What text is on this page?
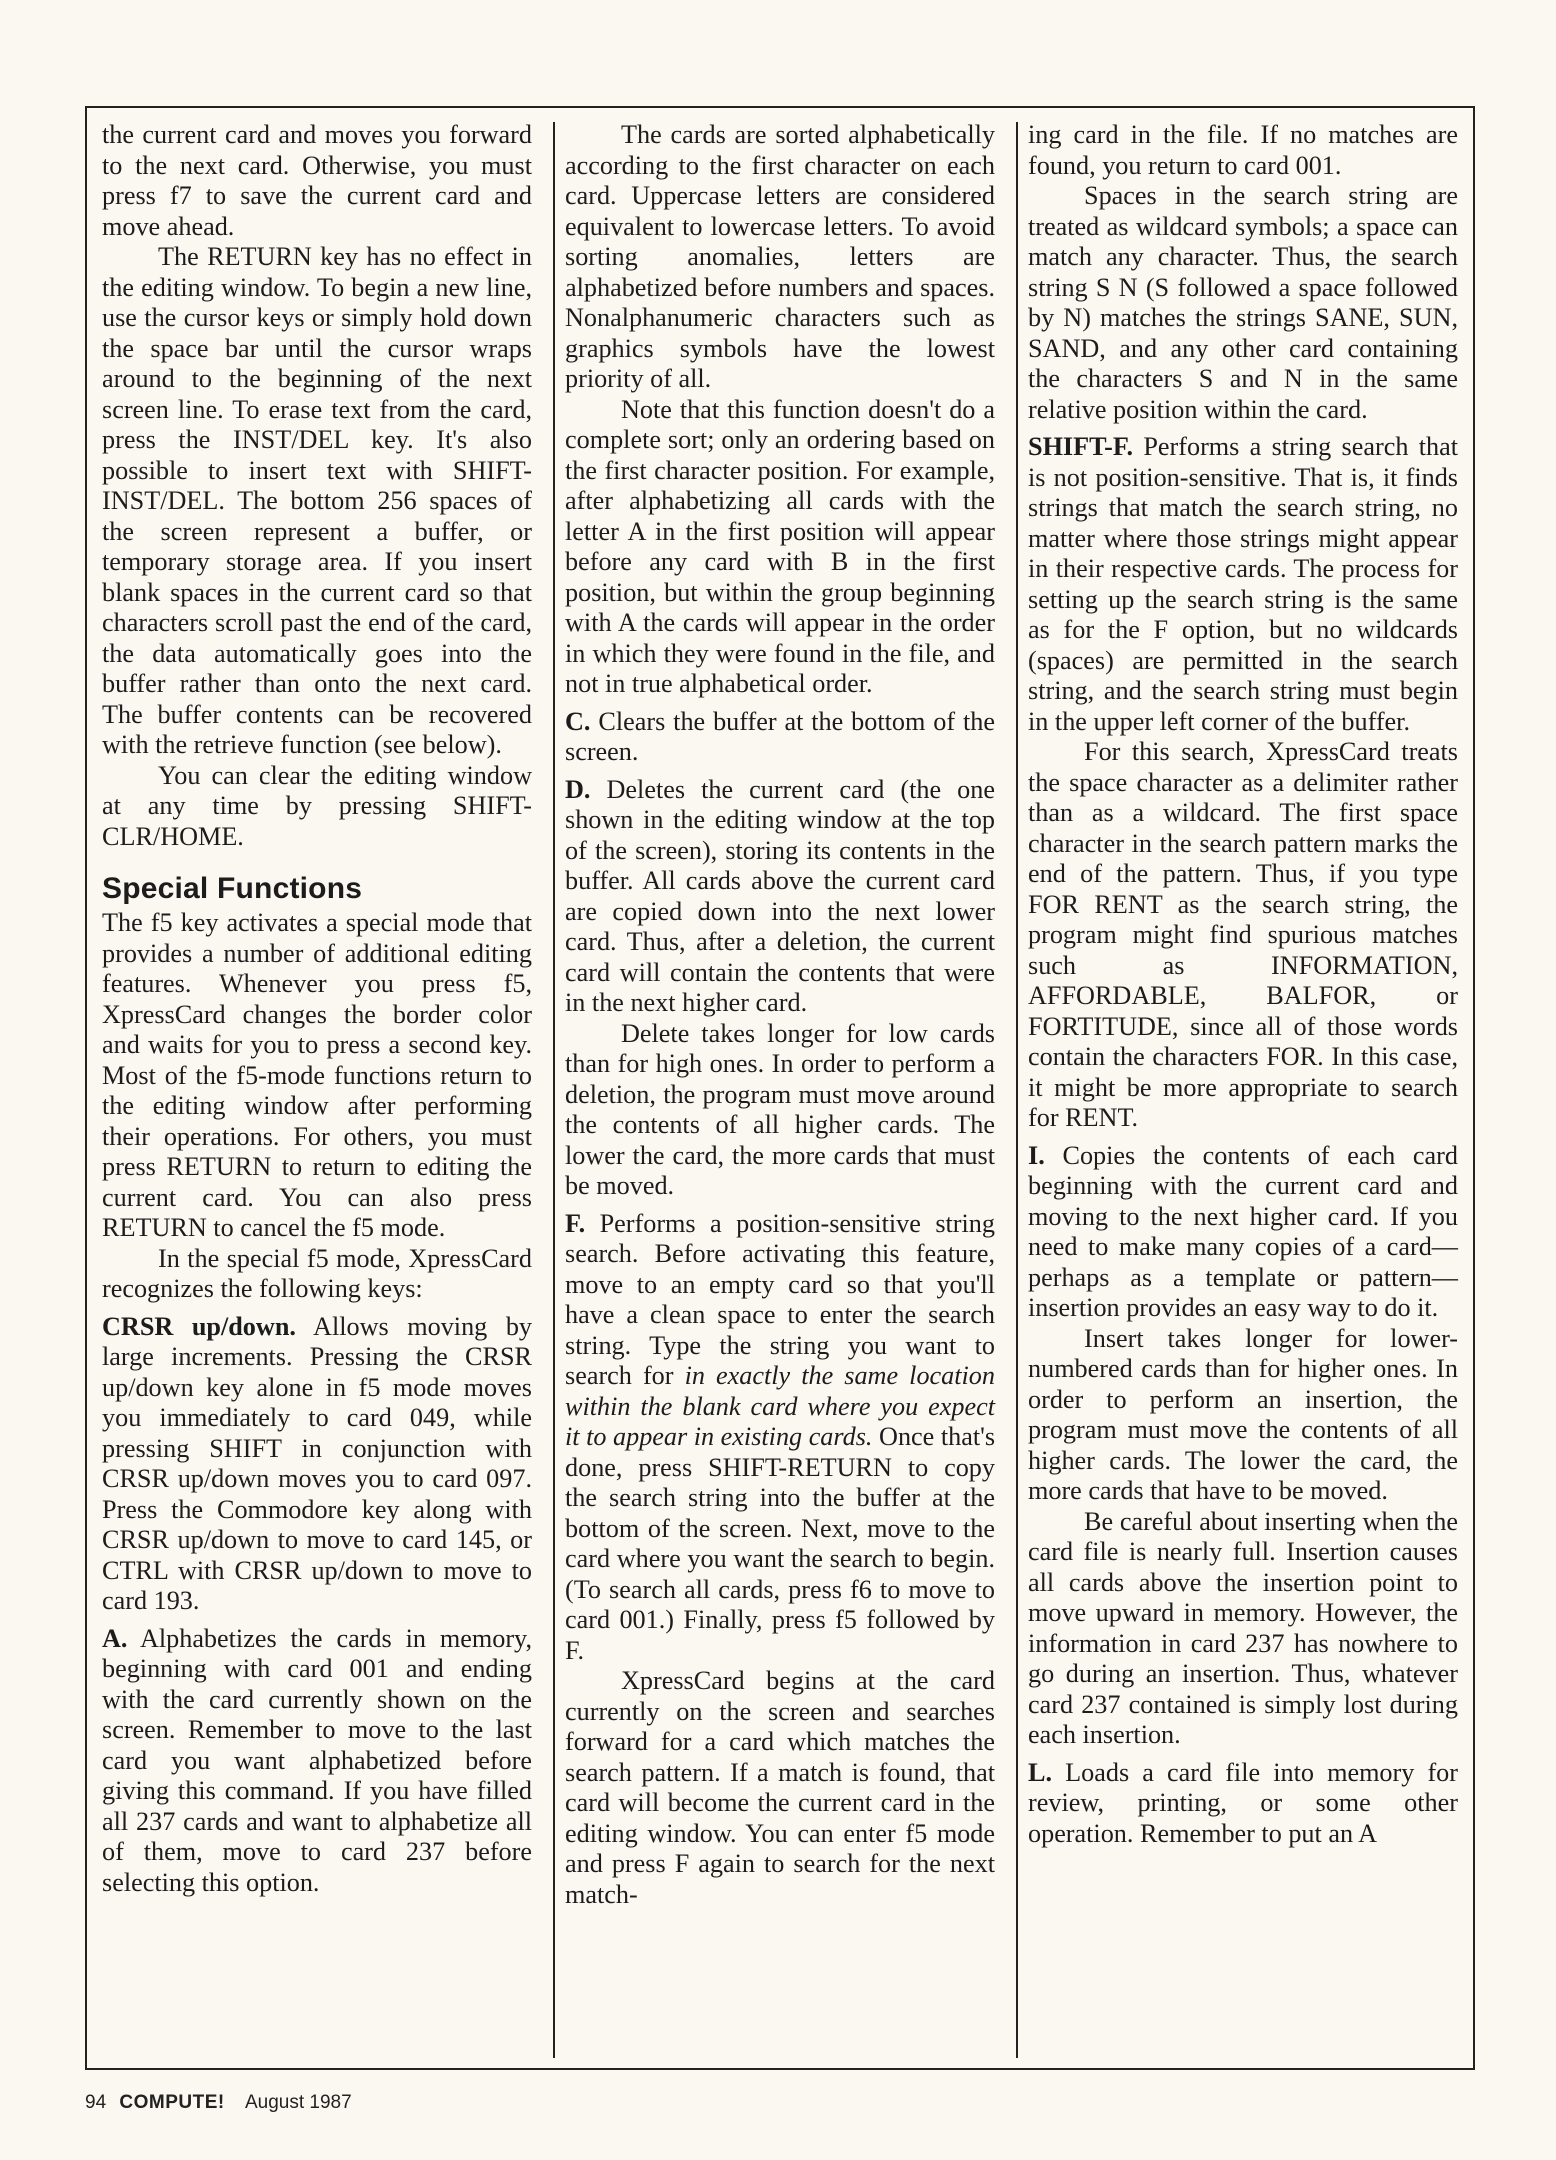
the current card and moves you forward to the next card. Otherwise, you must press f7 to save the current card and move ahead.

The RETURN key has no effect in the editing window. To begin a new line, use the cursor keys or simply hold down the space bar until the cursor wraps around to the beginning of the next screen line. To erase text from the card, press the INST/DEL key. It's also possible to insert text with SHIFT-INST/DEL. The bottom 256 spaces of the screen represent a buffer, or temporary storage area. If you insert blank spaces in the current card so that characters scroll past the end of the card, the data automatically goes into the buffer rather than onto the next card. The buffer contents can be recovered with the retrieve function (see below).

You can clear the editing window at any time by pressing SHIFT-CLR/HOME.

Special Functions

The f5 key activates a special mode that provides a number of additional editing features. Whenever you press f5, XpressCard changes the border color and waits for you to press a second key. Most of the f5-mode functions return to the editing window after performing their operations. For others, you must press RETURN to return to editing the current card. You can also press RETURN to cancel the f5 mode.

In the special f5 mode, XpressCard recognizes the following keys:

CRSR up/down. Allows moving by large increments. Pressing the CRSR up/down key alone in f5 mode moves you immediately to card 049, while pressing SHIFT in conjunction with CRSR up/down moves you to card 097. Press the Commodore key along with CRSR up/down to move to card 145, or CTRL with CRSR up/down to move to card 193.

A. Alphabetizes the cards in memory, beginning with card 001 and ending with the card currently shown on the screen. Remember to move to the last card you want alphabetized before giving this command. If you have filled all 237 cards and want to alphabetize all of them, move to card 237 before selecting this option.

The cards are sorted alphabetically according to the first character on each card. Uppercase letters are considered equivalent to lowercase letters. To avoid sorting anomalies, letters are alphabetized before numbers and spaces. Nonalphanumeric characters such as graphics symbols have the lowest priority of all.

Note that this function doesn't do a complete sort; only an ordering based on the first character position. For example, after alphabetizing all cards with the letter A in the first position will appear before any card with B in the first position, but within the group beginning with A the cards will appear in the order in which they were found in the file, and not in true alphabetical order.

C. Clears the buffer at the bottom of the screen.

D. Deletes the current card (the one shown in the editing window at the top of the screen), storing its contents in the buffer. All cards above the current card are copied down into the next lower card. Thus, after a deletion, the current card will contain the contents that were in the next higher card.

Delete takes longer for low cards than for high ones. In order to perform a deletion, the program must move around the contents of all higher cards. The lower the card, the more cards that must be moved.

F. Performs a position-sensitive string search. Before activating this feature, move to an empty card so that you'll have a clean space to enter the search string. Type the string you want to search for in exactly the same location within the blank card where you expect it to appear in existing cards. Once that's done, press SHIFT-RETURN to copy the search string into the buffer at the bottom of the screen. Next, move to the card where you want the search to begin. (To search all cards, press f6 to move to card 001.) Finally, press f5 followed by F.

XpressCard begins at the card currently on the screen and searches forward for a card which matches the search pattern. If a match is found, that card will become the current card in the editing window. You can enter f5 mode and press F again to search for the next match-

ing card in the file. If no matches are found, you return to card 001.

Spaces in the search string are treated as wildcard symbols; a space can match any character. Thus, the search string S N (S followed a space followed by N) matches the strings SANE, SUN, SAND, and any other card containing the characters S and N in the same relative position within the card.

SHIFT-F. Performs a string search that is not position-sensitive. That is, it finds strings that match the search string, no matter where those strings might appear in their respective cards. The process for setting up the search string is the same as for the F option, but no wildcards (spaces) are permitted in the search string, and the search string must begin in the upper left corner of the buffer.

For this search, XpressCard treats the space character as a delimiter rather than as a wildcard. The first space character in the search pattern marks the end of the pattern. Thus, if you type FOR RENT as the search string, the program might find spurious matches such as INFORMATION, AFFORDABLE, BALFOR, or FORTITUDE, since all of those words contain the characters FOR. In this case, it might be more appropriate to search for RENT.

I. Copies the contents of each card beginning with the current card and moving to the next higher card. If you need to make many copies of a card—perhaps as a template or pattern—insertion provides an easy way to do it.

Insert takes longer for lower-numbered cards than for higher ones. In order to perform an insertion, the program must move the contents of all higher cards. The lower the card, the more cards that have to be moved.

Be careful about inserting when the card file is nearly full. Insertion causes all cards above the insertion point to move upward in memory. However, the information in card 237 has nowhere to go during an insertion. Thus, whatever card 237 contained is simply lost during each insertion.

L. Loads a card file into memory for review, printing, or some other operation. Remember to put an A

94 COMPUTE! August 1987
